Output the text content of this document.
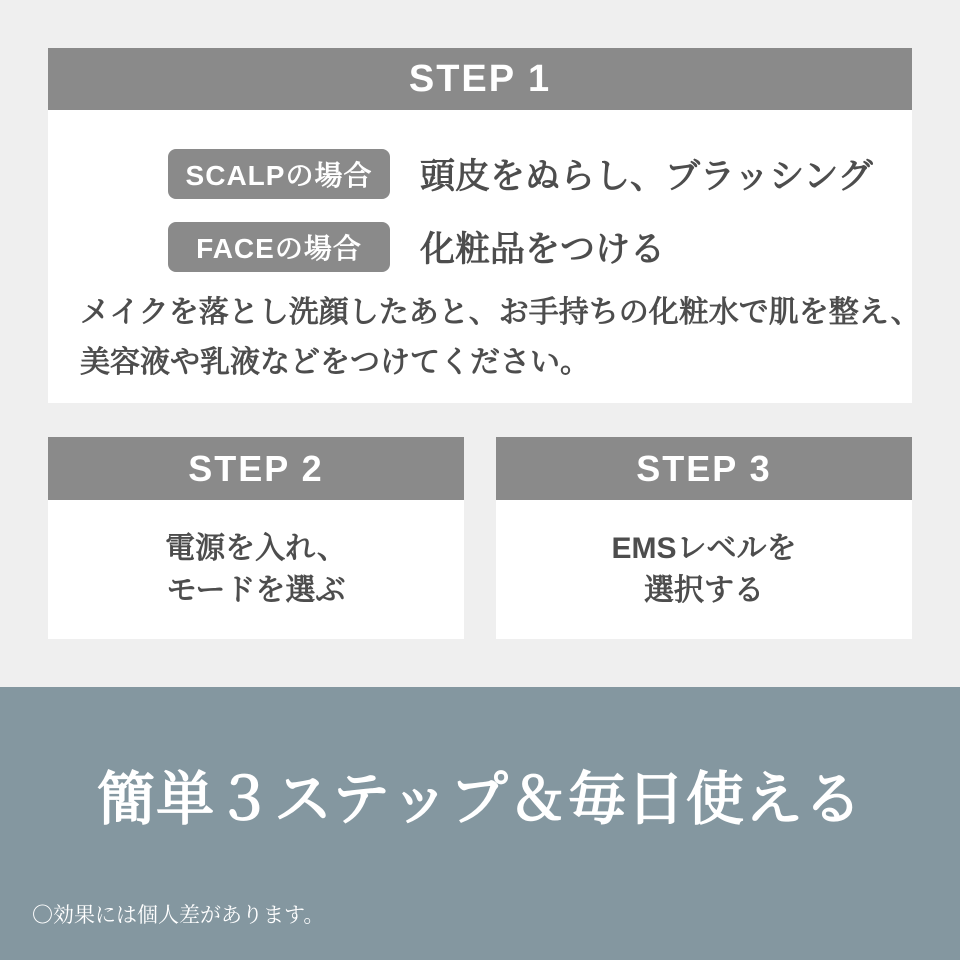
STEP 1
SCALPの場合 頭皮をぬらし、ブラッシング
FACEの場合 化粧品をつける
メイクを落とし洗顔したあと、お手持ちの化粧水で肌を整え、
美容液や乳液などをつけてください。
STEP 2
電源を入れ、
モードを選ぶ
STEP 3
EMSレベルを
選択する
簡単３ステップ＆毎日使える
〇効果には個人差があります。
